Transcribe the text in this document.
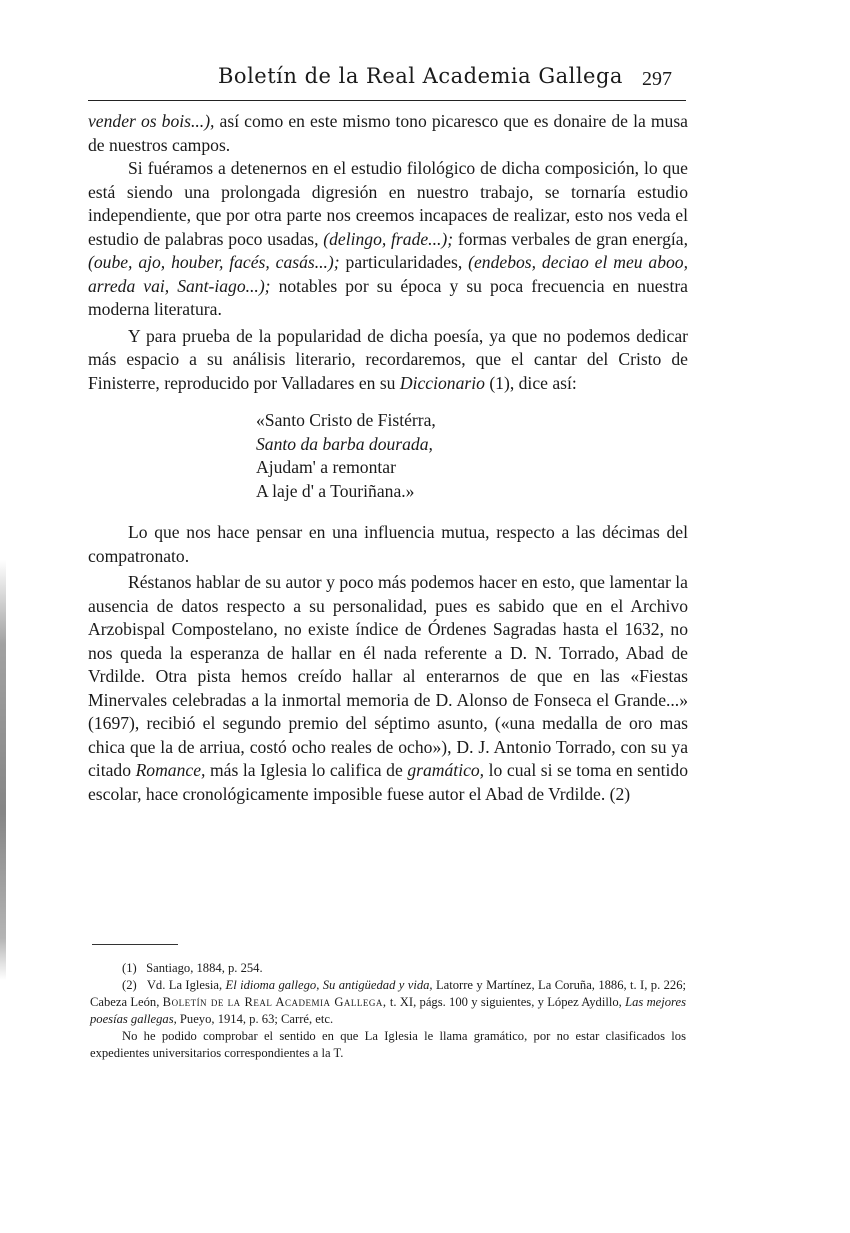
Boletín de la Real Academia Gallega 297

vender os bois...), así como en este mismo tono picaresco que es donaire de la musa de nuestros campos.

Si fuéramos a detenernos en el estudio filológico de dicha composición, lo que está siendo una prolongada digresión en nuestro trabajo, se tornaría estudio independiente, que por otra parte nos creemos incapaces de realizar, esto nos veda el estudio de palabras poco usadas, (delingo, frade...); formas verbales de gran energía, (oube, ajo, houber, facés, casás...); particularidades, (endebos, deciao el meu aboo, arreda vai, Sant-iago...); notables por su época y su poca frecuencia en nuestra moderna literatura.

Y para prueba de la popularidad de dicha poesía, ya que no podemos dedicar más espacio a su análisis literario, recordaremos, que el cantar del Cristo de Finisterre, reproducido por Valladares en su Diccionario (1), dice así:

«Santo Cristo de Fistérra,
Santo da barba dourada,
Ajudam' a remontar
A laje d' a Touriñana.»

Lo que nos hace pensar en una influencia mutua, respecto a las décimas del compatronato.

Réstanos hablar de su autor y poco más podemos hacer en esto, que lamentar la ausencia de datos respecto a su personalidad, pues es sabido que en el Archivo Arzobispal Compostelano, no existe índice de Órdenes Sagradas hasta el 1632, no nos queda la esperanza de hallar en él nada referente a D. N. Torrado, Abad de Vrdilde. Otra pista hemos creído hallar al enterarnos de que en las «Fiestas Minervales celebradas a la inmortal memoria de D. Alonso de Fonseca el Grande...» (1697), recibió el segundo premio del séptimo asunto, («una medalla de oro mas chica que la de arriua, costó ocho reales de ocho»), D. J. Antonio Torrado, con su ya citado Romance, más la Iglesia lo califica de gramático, lo cual si se toma en sentido escolar, hace cronológicamente imposible fuese autor el Abad de Vrdilde. (2)

(1) Santiago, 1884, p. 254.

(2) Vd. La Iglesia, El idioma gallego, Su antigüedad y vida, Latorre y Martínez, La Coruña, 1886, t. I, p. 226; Cabeza León, Boletín de la Real Academia Gallega, t. XI, págs. 100 y siguientes, y López Aydillo, Las mejores poesías gallegas, Pueyo, 1914, p. 63; Carré, etc.

No he podido comprobar el sentido en que La Iglesia le llama gramático, por no estar clasificados los expedientes universitarios correspondientes a la T.
